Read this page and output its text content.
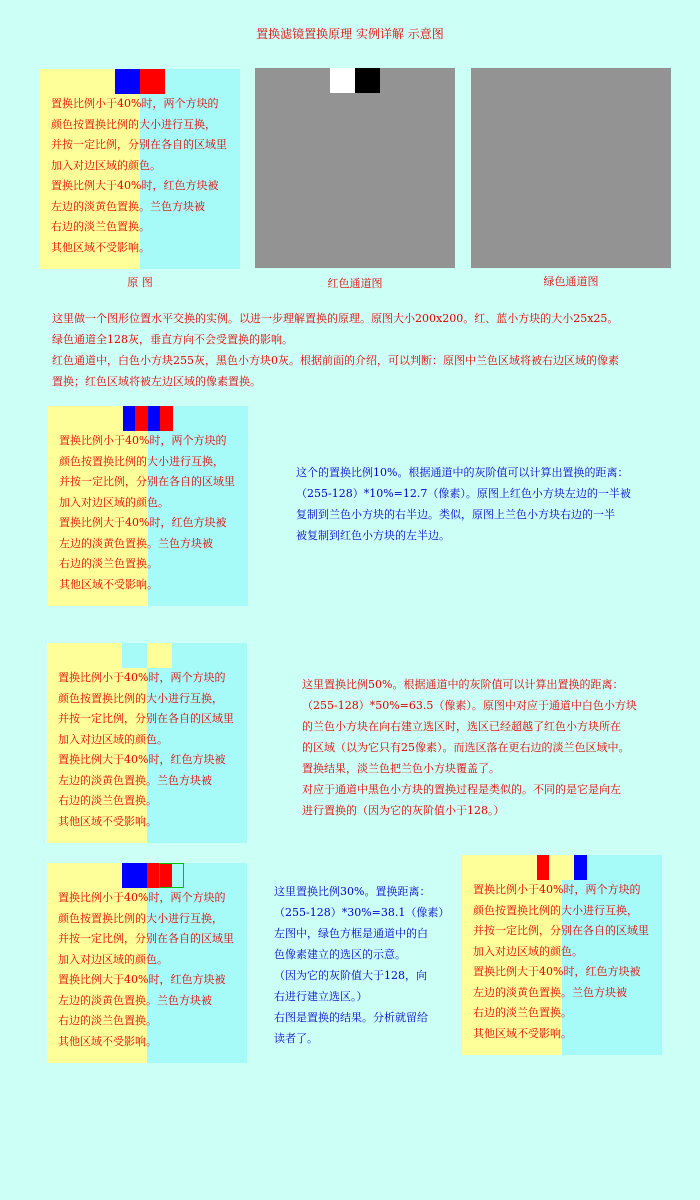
置换滤镜置换原理 实例详解 示意图
置换比例小于40%时，两个方块的
颜色按置换比例的大小进行互换，
并按一定比例，分别在各自的区域里
加入对边区域的颜色。
置换比例大于40%时，红色方块被
左边的淡黄色置换。兰色方块被
右边的淡兰色置换。
其他区域不受影响。
原 图	红色通道图	绿色通道图
这里做一个图形位置水平交换的实例。以进一步理解置换的原理。原图大小200x200。红、蓝小方块的大小25x25。
绿色通道全128灰，垂直方向不会受置换的影响。
红色通道中，白色小方块255灰，黑色小方块0灰。根据前面的介绍，可以判断：原图中兰色区域将被右边区域的像素
置换；红色区域将被左边区域的像素置换。
置换比例小于40%时，两个方块的
颜色按置换比例的大小进行互换，
并按一定比例，分别在各自的区域里
加入对边区域的颜色。
置换比例大于40%时，红色方块被
左边的淡黄色置换。兰色方块被
右边的淡兰色置换。
其他区域不受影响。
这个的置换比例10%。根据通道中的灰阶值可以计算出置换的距离：
（255-128）*10%=12.7（像素）。原图上红色小方块左边的一半被
复制到兰色小方块的右半边。类似，原图上兰色小方块右边的一半
被复制到红色小方块的左半边。
置换比例小于40%时，两个方块的
颜色按置换比例的大小进行互换，
并按一定比例，分别在各自的区域里
加入对边区域的颜色。
置换比例大于40%时，红色方块被
左边的淡黄色置换。兰色方块被
右边的淡兰色置换。
其他区域不受影响。
这里置换比例50%。根据通道中的灰阶值可以计算出置换的距离：
（255-128）*50%=63.5（像素）。原图中对应于通道中白色小方块
的兰色小方块在向右建立选区时，选区已经超越了红色小方块所在
的区域（以为它只有25像素）。而选区落在更右边的淡兰色区域中。
置换结果，淡兰色把兰色小方块覆盖了。
对应于通道中黑色小方块的置换过程是类似的。不同的是它是向左
进行置换的（因为它的灰阶值小于128。）
置换比例小于40%时，两个方块的
颜色按置换比例的大小进行互换，
并按一定比例，分别在各自的区域里
加入对边区域的颜色。
置换比例大于40%时，红色方块被
左边的淡黄色置换。兰色方块被
右边的淡兰色置换。
其他区域不受影响。
这里置换比例30%。置换距离：
（255-128）*30%=38.1（像素）
左图中，绿色方框是通道中的白
色像素建立的选区的示意。
（因为它的灰阶值大于128，向
右进行建立选区。）
右图是置换的结果。分析就留给
读者了。
置换比例小于40%时，两个方块的
颜色按置换比例的大小进行互换，
并按一定比例，分别在各自的区域里
加入对边区域的颜色。
置换比例大于40%时，红色方块被
左边的淡黄色置换。兰色方块被
右边的淡兰色置换。
其他区域不受影响。
